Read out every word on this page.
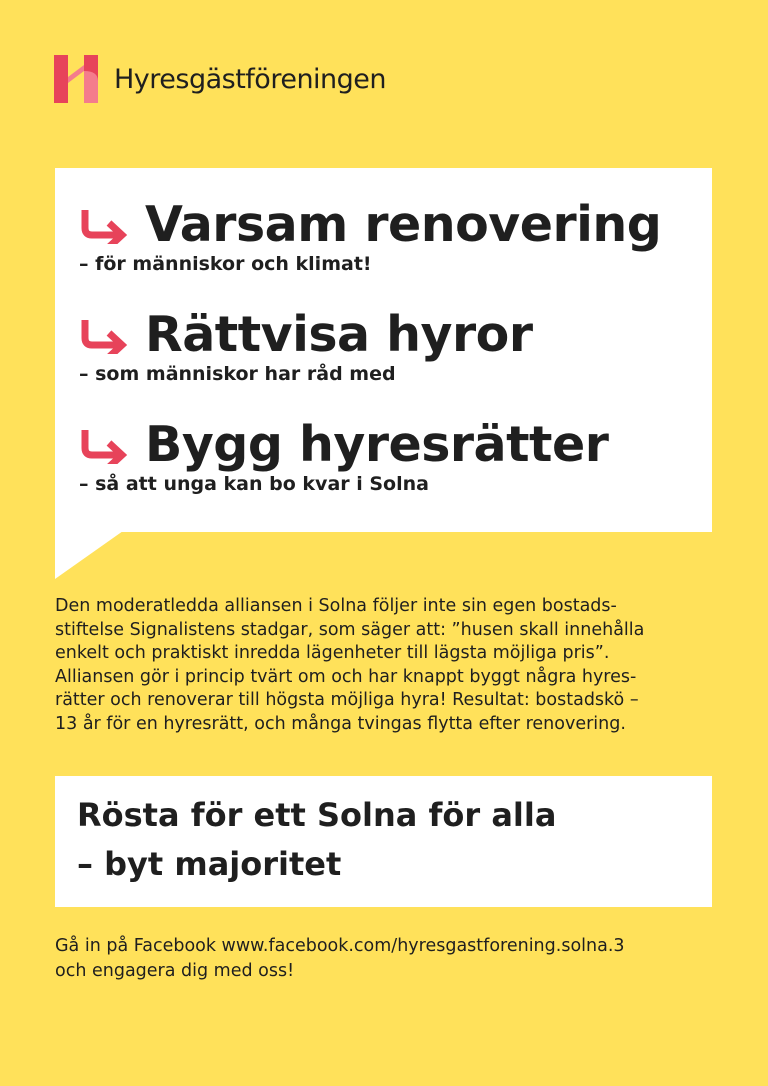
Hyresgästföreningen
Varsam renovering
– för människor och klimat!
Rättvisa hyror
– som människor har råd med
Bygg hyresrätter
– så att unga kan bo kvar i Solna
Den moderatledda alliansen i Solna följer inte sin egen bostads-
stiftelse Signalistens stadgar, som säger att: ”husen skall innehålla
enkelt och praktiskt inredda lägenheter till lägsta möjliga pris”.
Alliansen gör i princip tvärt om och har knappt byggt några hyres-
rätter och renoverar till högsta möjliga hyra! Resultat: bostadskö –
13 år för en hyresrätt, och många tvingas flytta efter renovering.
Rösta för ett Solna för alla
– byt majoritet
Gå in på Facebook www.facebook.com/hyresgastforening.solna.3
och engagera dig med oss!
